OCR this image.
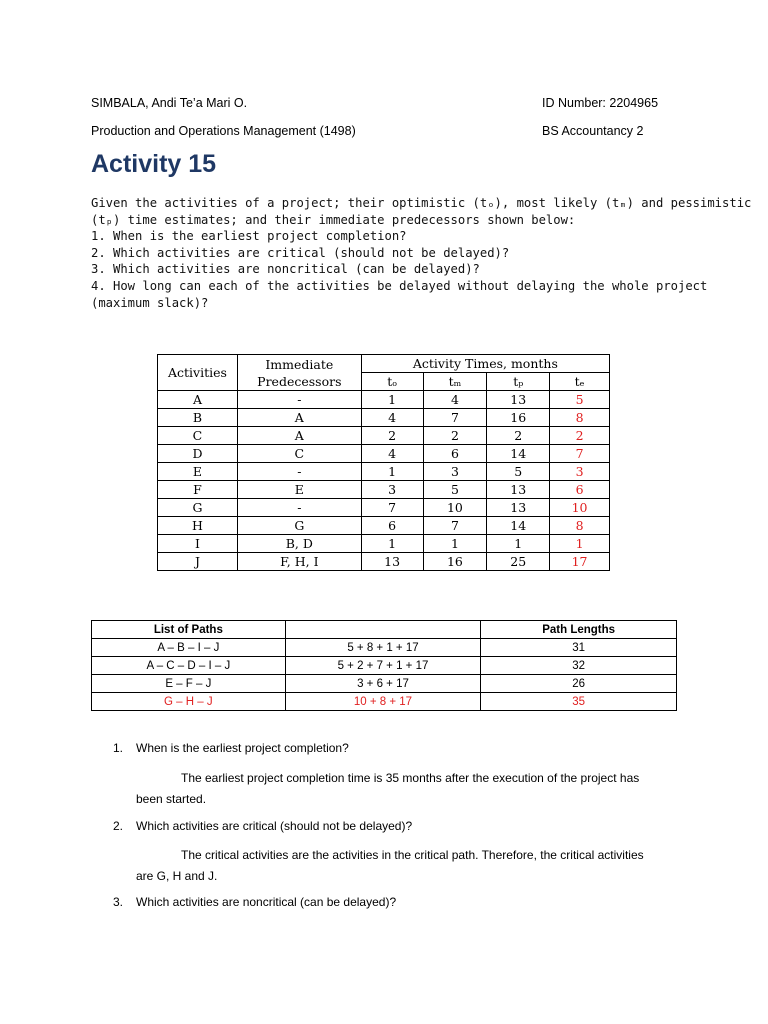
SIMBALA, Andi Te’a Mari O.	ID Number: 2204965
Production and Operations Management (1498)	BS Accountancy 2
Activity 15
Given the activities of a project; their optimistic (tₒ), most likely (tₘ) and pessimistic
(tₚ) time estimates; and their immediate predecessors shown below:
1. When is the earliest project completion?
2. Which activities are critical (should not be delayed)?
3. Which activities are noncritical (can be delayed)?
4. How long can each of the activities be delayed without delaying the whole project
(maximum slack)?
Activities	Immediate Predecessors	Activity Times, months			
		tₒ	tₘ	tₚ	tₑ
A	-	1	4	13	5
B	A	4	7	16	8
C	A	2	2	2	2
D	C	4	6	14	7
E	-	1	3	5	3
F	E	3	5	13	6
G	-	7	10	13	10
H	G	6	7	14	8
I	B, D	1	1	1	1
J	F, H, I	13	16	25	17
List of Paths		Path Lengths
A – B – I – J	5 + 8 + 1 + 17	31
A – C – D – I – J	5 + 2 + 7 + 1 + 17	32
E – F – J	3 + 6 + 17	26
G – H – J	10 + 8 + 17	35
1. When is the earliest project completion?
The earliest project completion time is 35 months after the execution of the project has
been started.
2. Which activities are critical (should not be delayed)?
The critical activities are the activities in the critical path. Therefore, the critical activities
are G, H and J.
3. Which activities are noncritical (can be delayed)?
